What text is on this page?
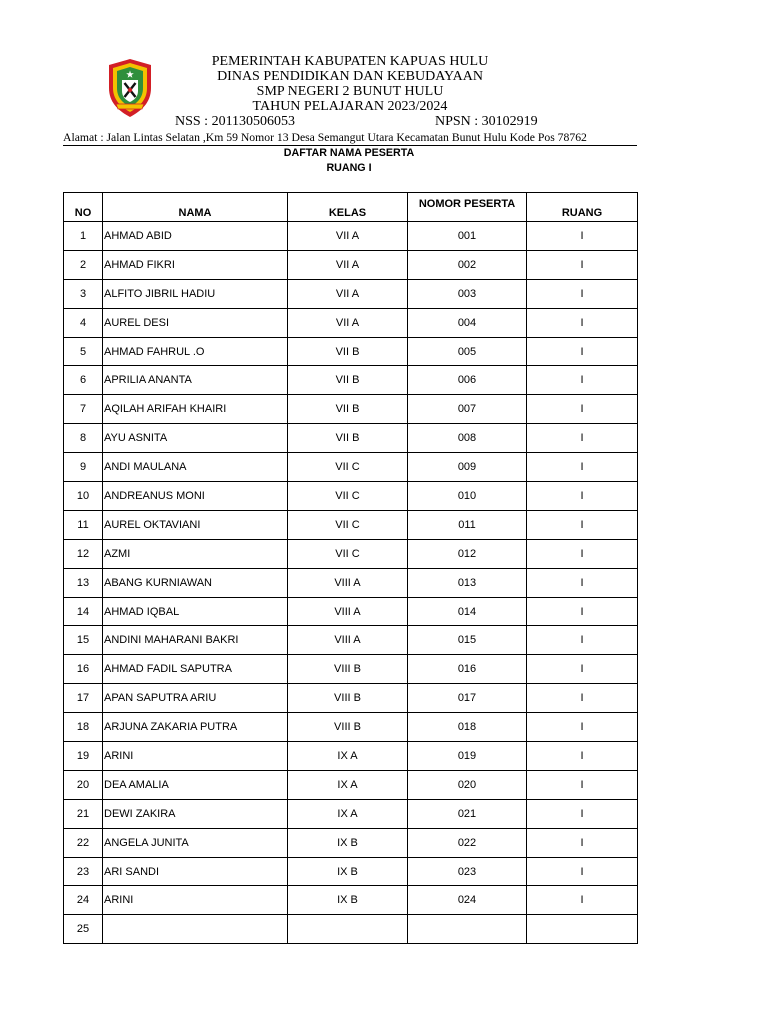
PEMERINTAH KABUPATEN KAPUAS HULU
DINAS PENDIDIKAN DAN KEBUDAYAAN
SMP NEGERI 2 BUNUT HULU
TAHUN PELAJARAN 2023/2024
NSS : 201130506053	NPSN : 30102919
Alamat : Jalan Lintas Selatan ,Km 59 Nomor 13 Desa Semangut Utara Kecamatan Bunut Hulu Kode Pos 78762
DAFTAR NAMA PESERTA
RUANG I
NO	NAMA	KELAS	NOMOR PESERTA	RUANG
1	AHMAD ABID	VII A	001	I
2	AHMAD FIKRI	VII A	002	I
3	ALFITO JIBRIL HADIU	VII A	003	I
4	AUREL DESI	VII A	004	I
5	AHMAD FAHRUL .O	VII B	005	I
6	APRILIA ANANTA	VII B	006	I
7	AQILAH ARIFAH KHAIRI	VII B	007	I
8	AYU ASNITA	VII B	008	I
9	ANDI MAULANA	VII C	009	I
10	ANDREANUS MONI	VII C	010	I
11	AUREL OKTAVIANI	VII C	011	I
12	AZMI	VII C	012	I
13	ABANG KURNIAWAN	VIII A	013	I
14	AHMAD IQBAL	VIII A	014	I
15	ANDINI MAHARANI BAKRI	VIII A	015	I
16	AHMAD FADIL SAPUTRA	VIII B	016	I
17	APAN SAPUTRA ARIU	VIII B	017	I
18	ARJUNA ZAKARIA PUTRA	VIII B	018	I
19	ARINI	IX A	019	I
20	DEA AMALIA	IX A	020	I
21	DEWI ZAKIRA	IX A	021	I
22	ANGELA JUNITA	IX B	022	I
23	ARI SANDI	IX B	023	I
24	ARINI	IX B	024	I
25				
